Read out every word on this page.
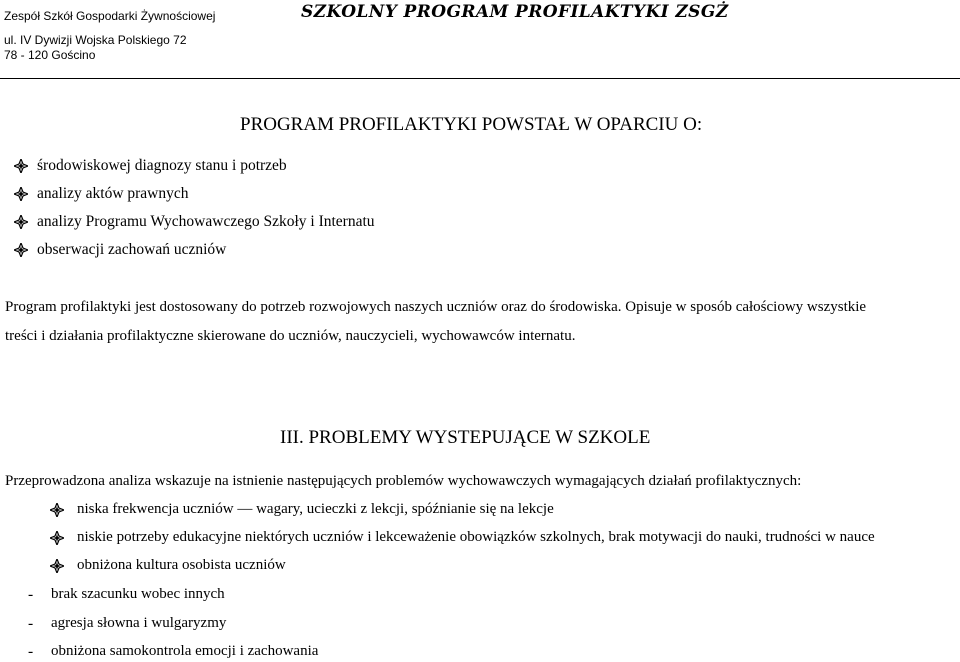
Zespół Szkół Gospodarki Żywnościowej
ul. IV Dywizji Wojska Polskiego 72
78 - 120 Gościno
SZKOLNY PROGRAM PROFILAKTYKI ZSGŻ
PROGRAM PROFILAKTYKI POWSTAŁ W OPARCIU O:
środowiskowej diagnozy stanu i potrzeb
analizy aktów prawnych
analizy Programu Wychowawczego Szkoły i Internatu
obserwacji zachowań uczniów
Program profilaktyki jest dostosowany do potrzeb rozwojowych naszych uczniów oraz do środowiska. Opisuje w sposób całościowy wszystkie
treści i działania profilaktyczne skierowane do uczniów, nauczycieli, wychowawców internatu.
III. PROBLEMY WYSTEPUJĄCE W SZKOLE
Przeprowadzona analiza wskazuje na istnienie następujących problemów wychowawczych wymagających działań profilaktycznych:
niska frekwencja uczniów — wagary, ucieczki z lekcji, spóźnianie się na lekcje
niskie potrzeby edukacyjne niektórych uczniów i lekceważenie obowiązków szkolnych, brak motywacji do nauki, trudności w nauce
obniżona kultura osobista uczniów
- brak szacunku wobec innych
- agresja słowna i wulgaryzmy
- obniżona samokontrola emocji i zachowania
